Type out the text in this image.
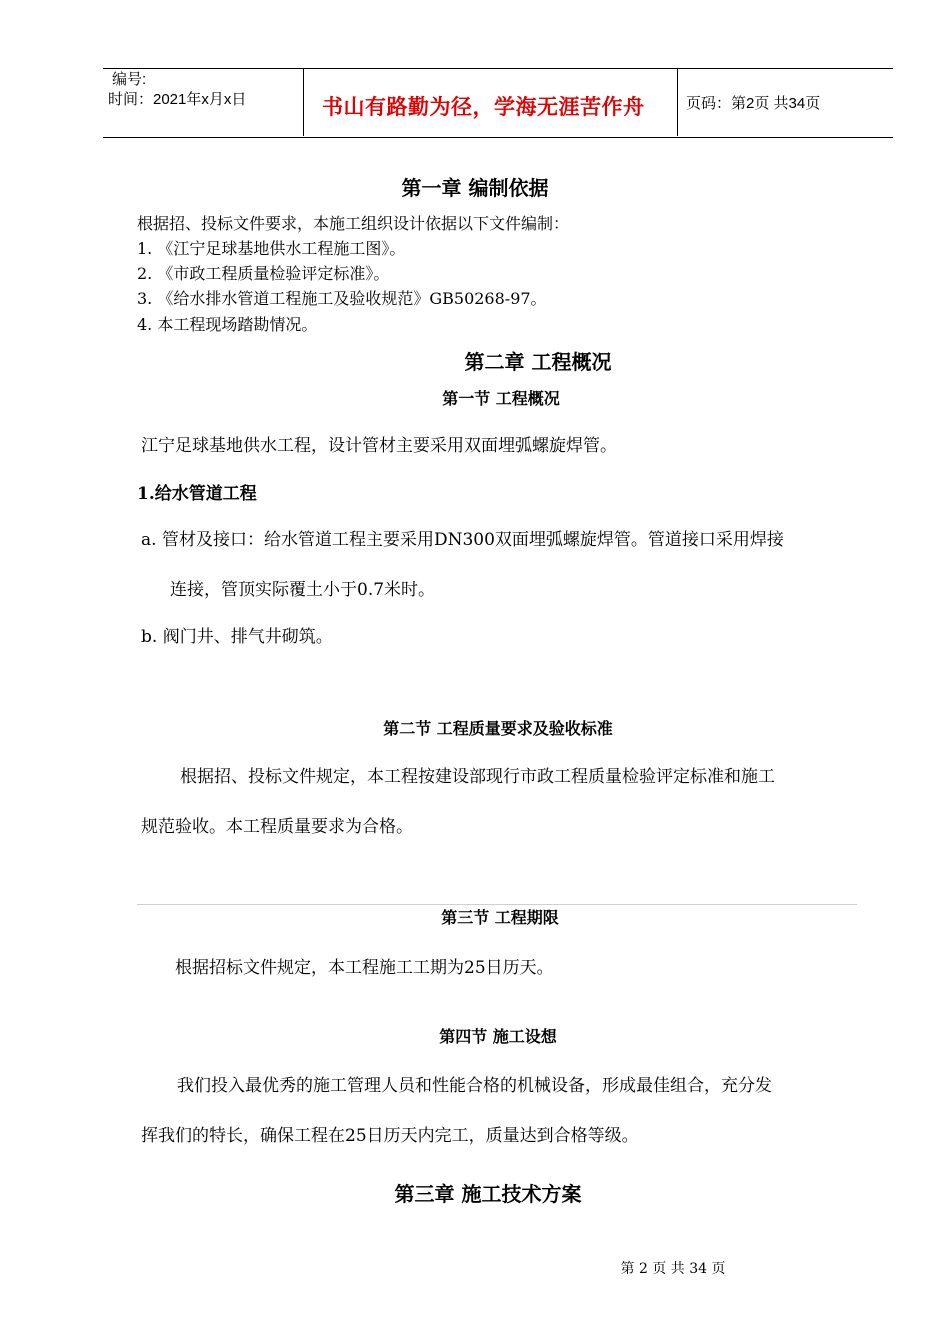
编号:
时间：2021年x月x日	书山有路勤为径，学海无涯苦作舟	页码：第2页 共34页
第一章 编制依据
根据招、投标文件要求，本施工组织设计依据以下文件编制：
1. 《江宁足球基地供水工程施工图》。
2. 《市政工程质量检验评定标准》。
3. 《给水排水管道工程施工及验收规范》GB50268-97。
4. 本工程现场踏勘情况。
第二章 工程概况
第一节 工程概况
江宁足球基地供水工程，设计管材主要采用双面埋弧螺旋焊管。
1.给水管道工程
a. 管材及接口：给水管道工程主要采用DN300双面埋弧螺旋焊管。管道接口采用焊接
连接，管顶实际覆土小于0.7米时。
b. 阀门井、排气井砌筑。
第二节 工程质量要求及验收标准
根据招、投标文件规定，本工程按建设部现行市政工程质量检验评定标准和施工
规范验收。本工程质量要求为合格。
第三节 工程期限
根据招标文件规定，本工程施工工期为25日历天。
第四节 施工设想
我们投入最优秀的施工管理人员和性能合格的机械设备，形成最佳组合，充分发
挥我们的特长，确保工程在25日历天内完工，质量达到合格等级。
第三章 施工技术方案
第 2 页 共 34 页
